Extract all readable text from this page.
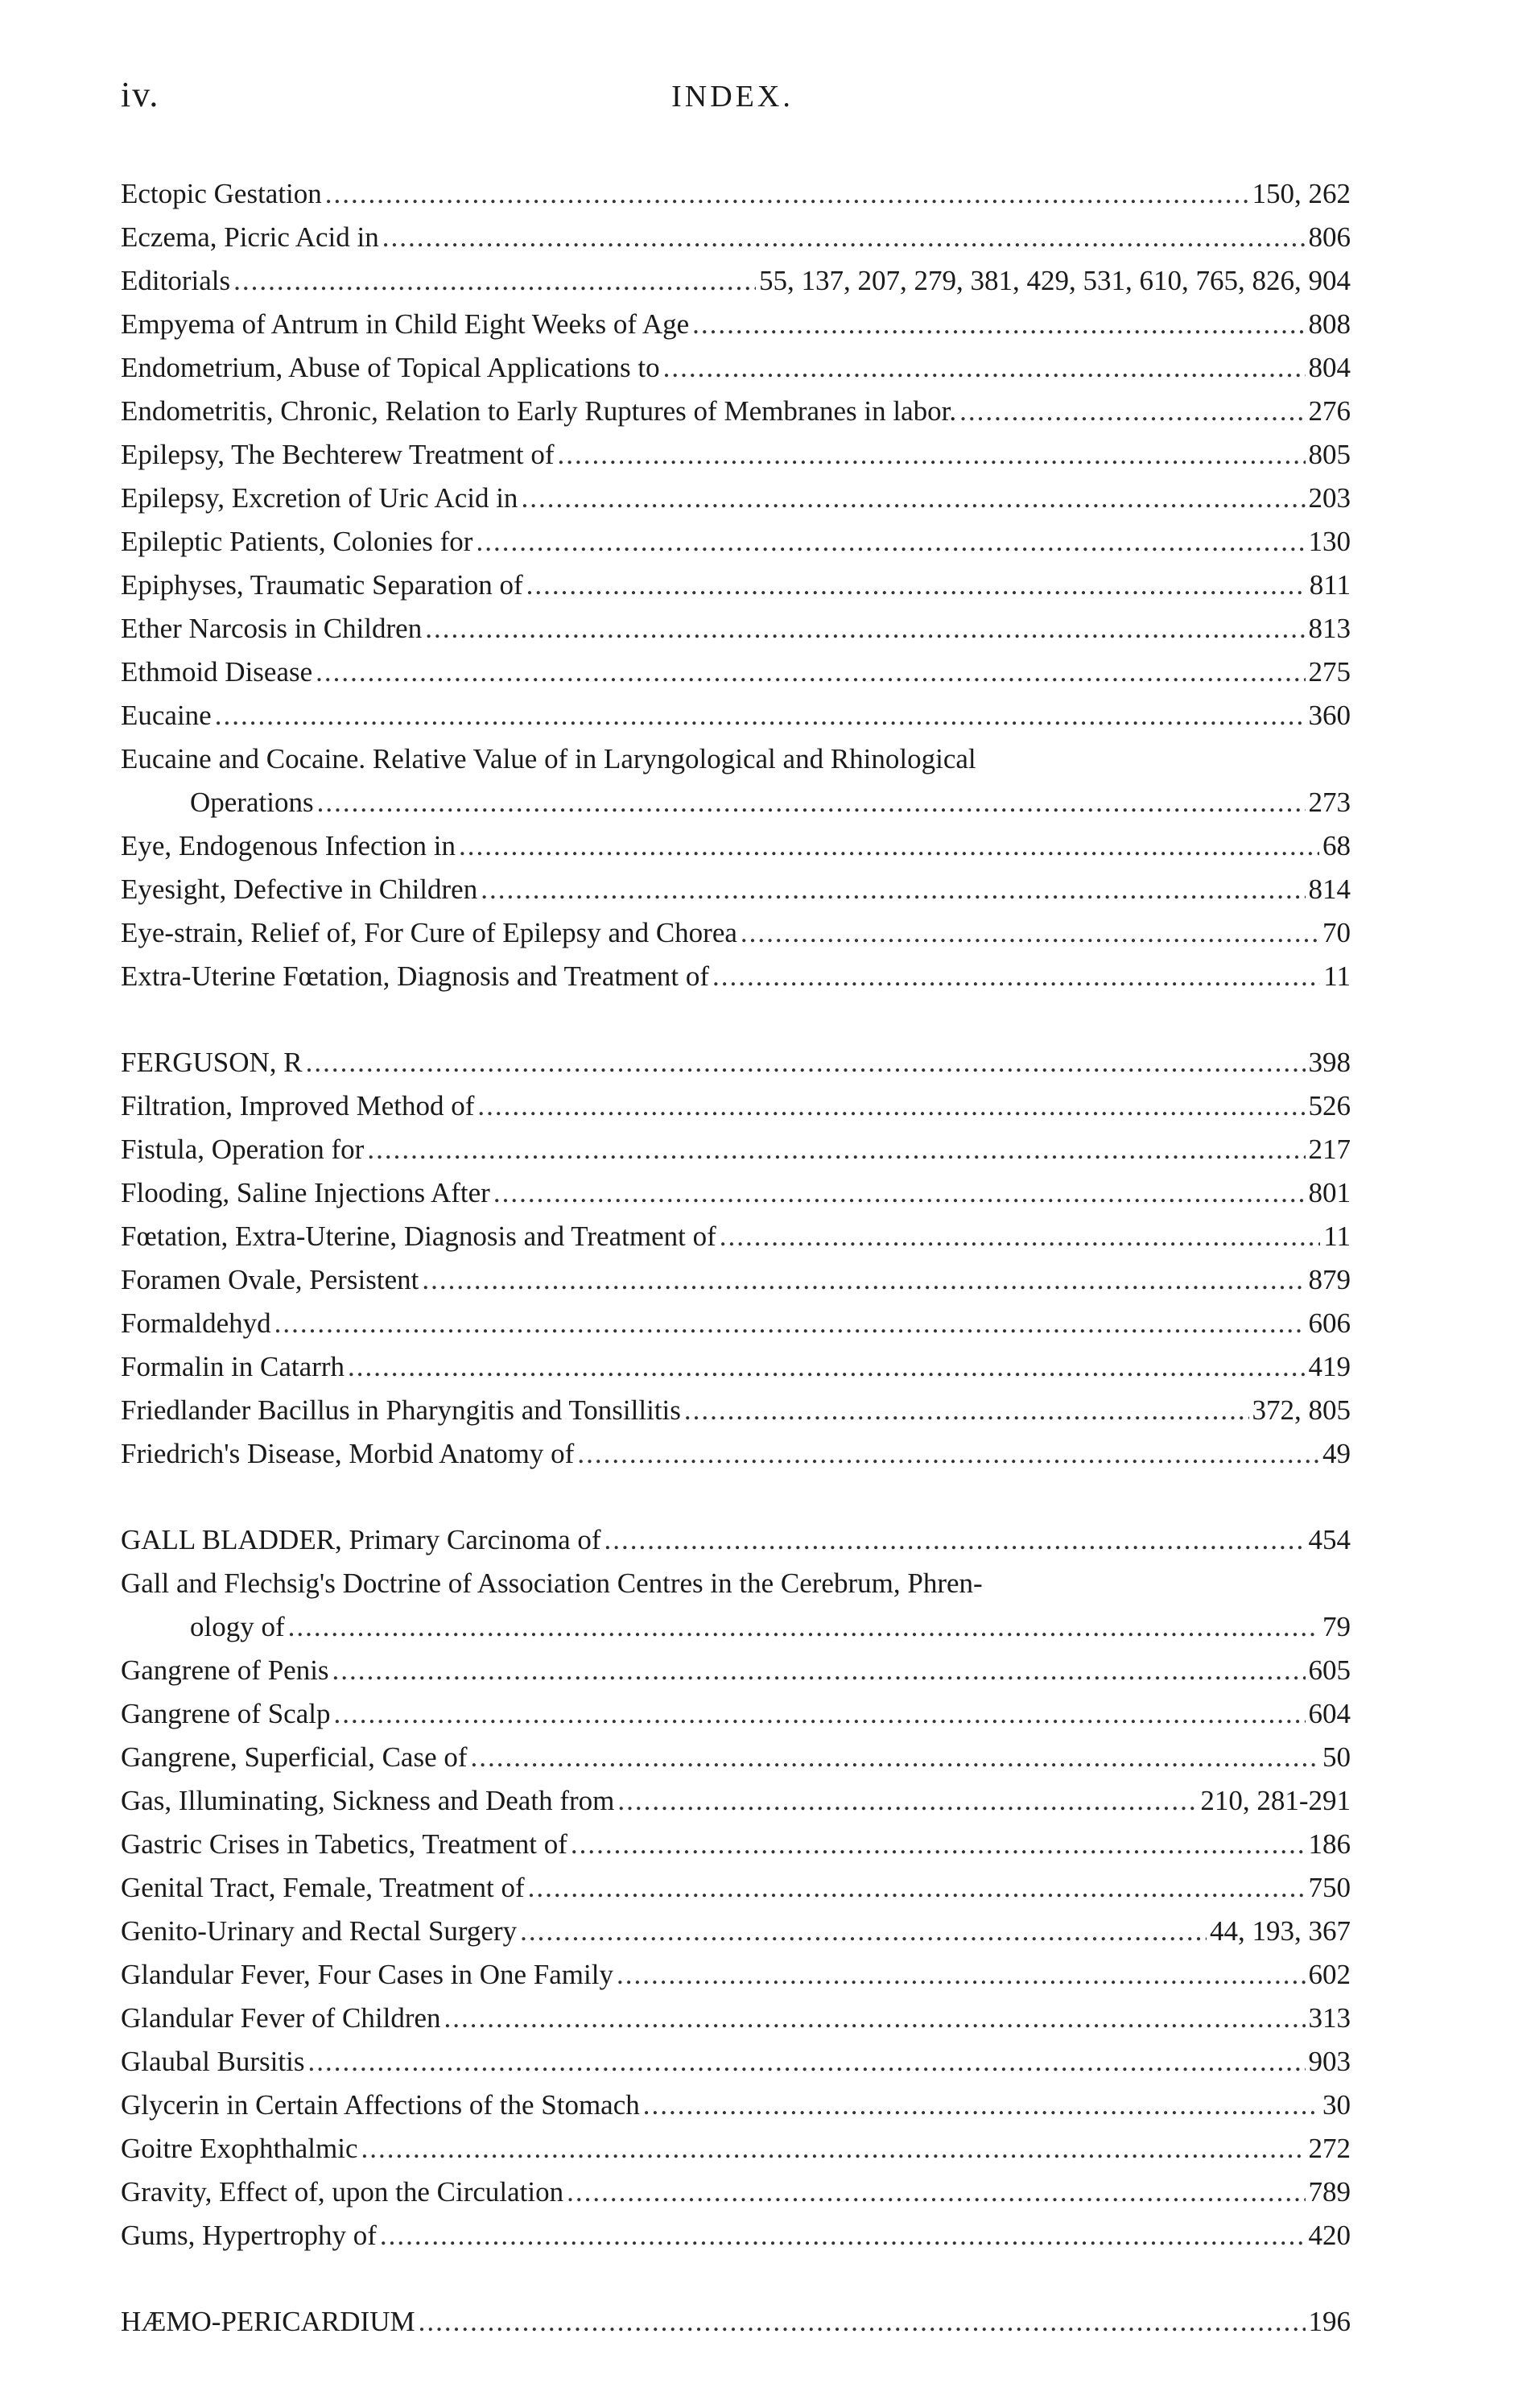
iv.	INDEX.
Ectopic Gestation .....	150, 262
Eczema, Picric Acid in .....	806
Editorials .....	55, 137, 207, 279, 381, 429, 531, 610, 765, 826, 904
Empyema of Antrum in Child Eight Weeks of Age .....	808
Endometrium, Abuse of Topical Applications to .....	804
Endometritis, Chronic, Relation to Early Ruptures of Membranes in labor. .....	276
Epilepsy, The Bechterew Treatment of .....	805
Epilepsy, Excretion of Uric Acid in .....	203
Epileptic Patients, Colonies for .....	130
Epiphyses, Traumatic Separation of .....	811
Ether Narcosis in Children .....	813
Ethmoid Disease .....	275
Eucaine .....	360
Eucaine and Cocaine. Relative Value of in Laryngological and Rhinological
Operations .....	273
Eye, Endogenous Infection in .....	68
Eyesight, Defective in Children .....	814
Eye-strain, Relief of, For Cure of Epilepsy and Chorea .....	70
Extra-Uterine Fœtation, Diagnosis and Treatment of .....	11
FERGUSON, R .....	398
Filtration, Improved Method of .....	526
Fistula, Operation for .....	217
Flooding, Saline Injections After .....	801
Fœtation, Extra-Uterine, Diagnosis and Treatment of .....	11
Foramen Ovale, Persistent .....	879
Formaldehyd .....	606
Formalin in Catarrh .....	419
Friedlander Bacillus in Pharyngitis and Tonsillitis .....	372, 805
Friedrich's Disease, Morbid Anatomy of .....	49
GALL BLADDER, Primary Carcinoma of .....	454
Gall and Flechsig's Doctrine of Association Centres in the Cerebrum, Phren-
ology of .....	79
Gangrene of Penis .....	605
Gangrene of Scalp .....	604
Gangrene, Superficial, Case of .....	50
Gas, Illuminating, Sickness and Death from .....	210, 281-291
Gastric Crises in Tabetics, Treatment of .....	186
Genital Tract, Female, Treatment of .....	750
Genito-Urinary and Rectal Surgery .....	44, 193, 367
Glandular Fever, Four Cases in One Family .....	602
Glandular Fever of Children .....	313
Glaubal Bursitis .....	903
Glycerin in Certain Affections of the Stomach .....	30
Goitre Exophthalmic .....	272
Gravity, Effect of, upon the Circulation .....	789
Gums, Hypertrophy of .....	420
HÆMO-PERICARDIUM .....	196
